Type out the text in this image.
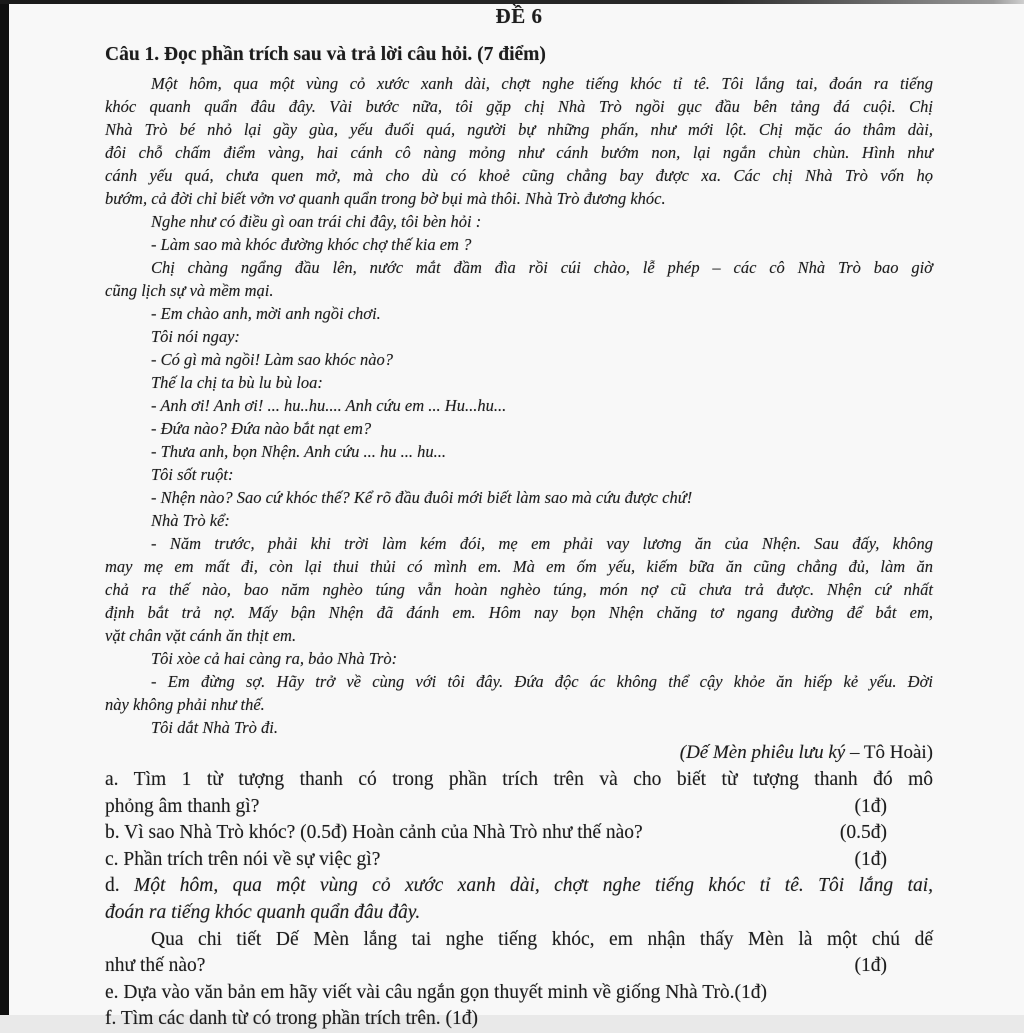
ĐỀ 6
Câu 1. Đọc phần trích sau và trả lời câu hỏi. (7 điểm)
Một hôm, qua một vùng cỏ xước xanh dài, chợt nghe tiếng khóc tỉ tê. Tôi lắng tai, đoán ra tiếng
khóc quanh quẩn đâu đây. Vài bước nữa, tôi gặp chị Nhà Trò ngồi gục đầu bên tảng đá cuội. Chị
Nhà Trò bé nhỏ lại gầy gùa, yếu đuối quá, người bự những phấn, như mới lột. Chị mặc áo thâm dài,
đôi chỗ chấm điểm vàng, hai cánh cô nàng mỏng như cánh bướm non, lại ngắn chùn chùn. Hình như
cánh yếu quá, chưa quen mở, mà cho dù có khoẻ cũng chẳng bay được xa. Các chị Nhà Trò vốn họ
bướm, cả đời chỉ biết vởn vơ quanh quẩn trong bờ bụi mà thôi. Nhà Trò đương khóc.
Nghe như có điều gì oan trái chi đây, tôi bèn hỏi :
- Làm sao mà khóc đường khóc chợ thế kia em ?
Chị chàng ngẩng đầu lên, nước mắt đầm đìa rồi cúi chào, lễ phép – các cô Nhà Trò bao giờ
cũng lịch sự và mềm mại.
- Em chào anh, mời anh ngồi chơi.
Tôi nói ngay:
- Có gì mà ngồi! Làm sao khóc nào?
Thế la chị ta bù lu bù loa:
- Anh ơi! Anh ơi! ... hu..hu.... Anh cứu em ... Hu...hu...
- Đứa nào? Đứa nào bắt nạt em?
- Thưa anh, bọn Nhện. Anh cứu ... hu ... hu...
Tôi sốt ruột:
- Nhện nào? Sao cứ khóc thế? Kể rõ đầu đuôi mới biết làm sao mà cứu được chứ!
Nhà Trò kể:
- Năm trước, phải khi trời làm kém đói, mẹ em phải vay lương ăn của Nhện. Sau đấy, không
may mẹ em mất đi, còn lại thui thủi có mình em. Mà em ốm yếu, kiếm bữa ăn cũng chẳng đủ, làm ăn
chả ra thế nào, bao năm nghèo túng vẫn hoàn nghèo túng, món nợ cũ chưa trả được. Nhện cứ nhất
định bắt trả nợ. Mấy bận Nhện đã đánh em. Hôm nay bọn Nhện chăng tơ ngang đường để bắt em,
vặt chân vặt cánh ăn thịt em.
Tôi xòe cả hai càng ra, bảo Nhà Trò:
- Em đừng sợ. Hãy trở về cùng với tôi đây. Đứa độc ác không thể cậy khỏe ăn hiếp kẻ yếu. Đời
này không phải như thế.
Tôi dắt Nhà Trò đi.
(Dế Mèn phiêu lưu ký – Tô Hoài)
a. Tìm 1 từ tượng thanh có trong phần trích trên và cho biết từ tượng thanh đó mô
phỏng âm thanh gì?	(1đ)
b. Vì sao Nhà Trò khóc? (0.5đ) Hoàn cảnh của Nhà Trò như thế nào?	(0.5đ)
c. Phần trích trên nói về sự việc gì?	(1đ)
d. Một hôm, qua một vùng cỏ xước xanh dài, chợt nghe tiếng khóc tỉ tê. Tôi lắng tai,
đoán ra tiếng khóc quanh quẩn đâu đây.
Qua chi tiết Dế Mèn lắng tai nghe tiếng khóc, em nhận thấy Mèn là một chú dế
như thế nào?	(1đ)
e. Dựa vào văn bản em hãy viết vài câu ngắn gọn thuyết minh về giống Nhà Trò.(1đ)
f. Tìm các danh từ có trong phần trích trên. (1đ)
